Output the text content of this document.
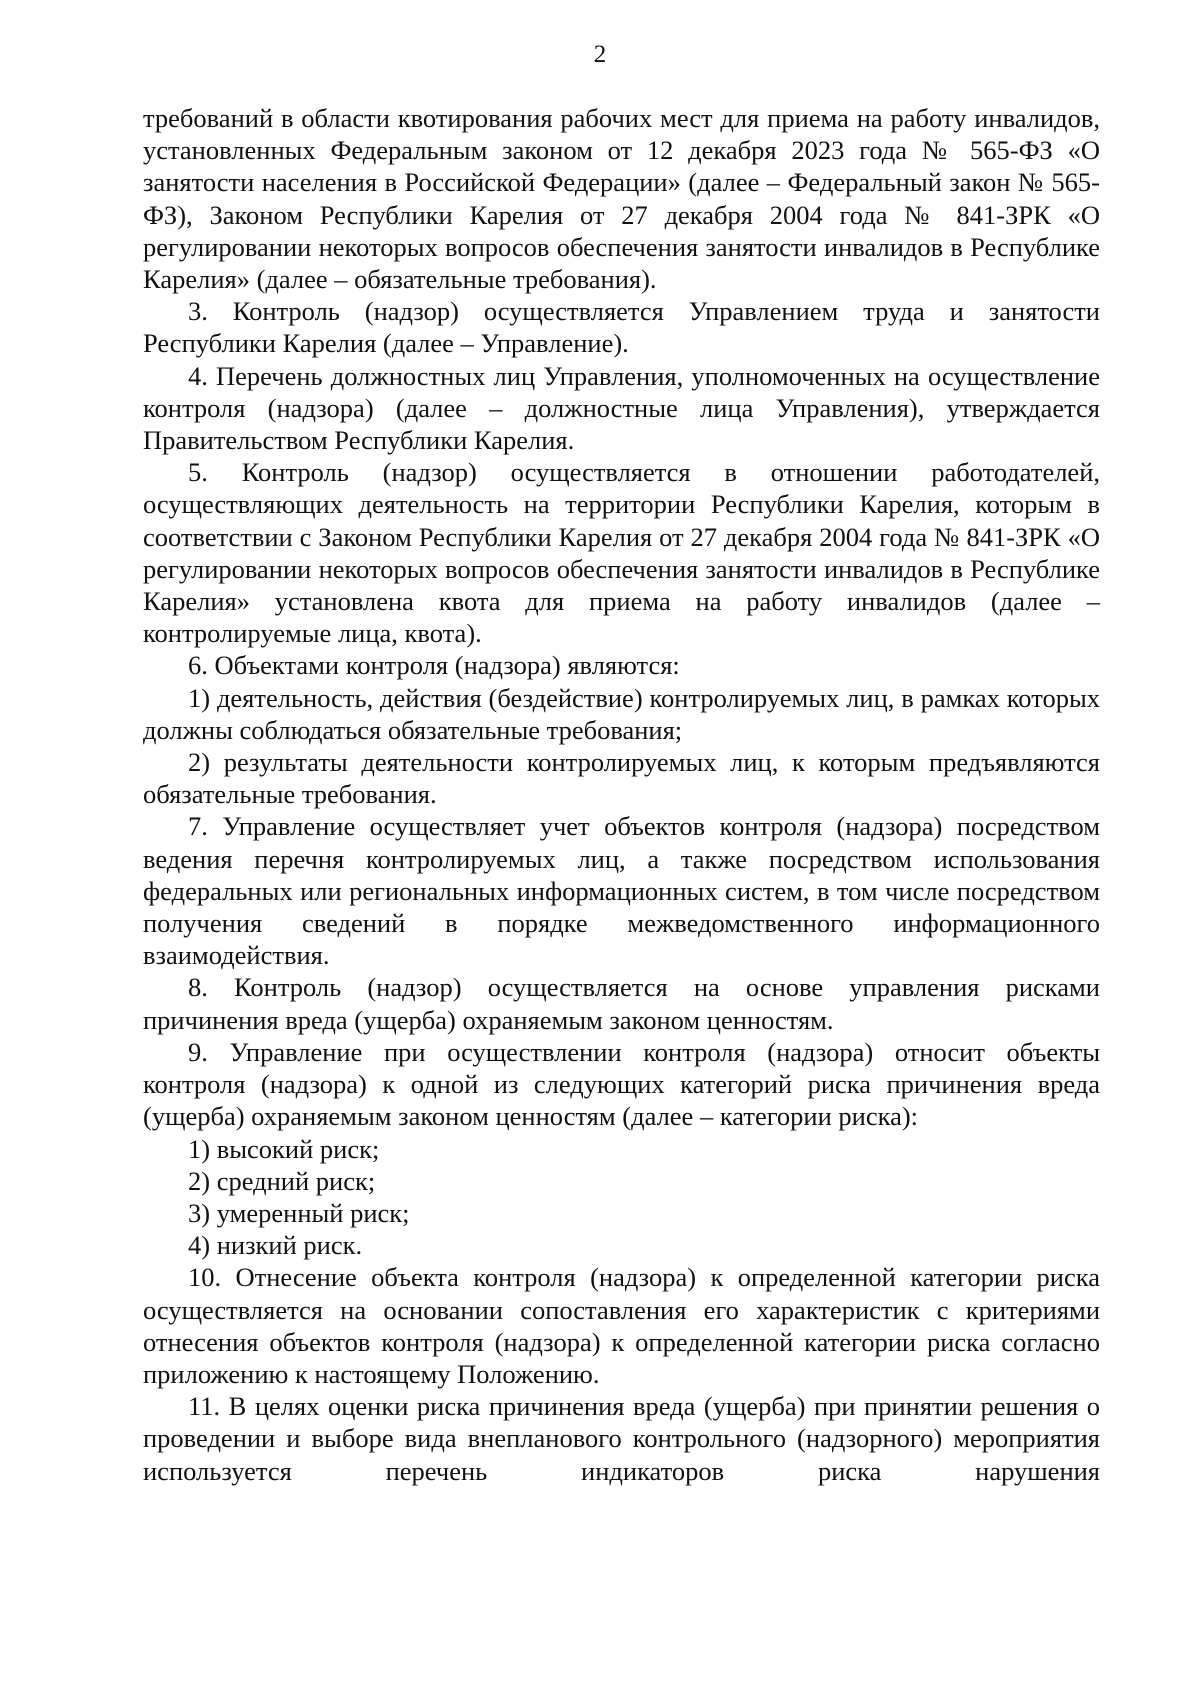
2

требований в области квотирования рабочих мест для приема на работу инвалидов, установленных Федеральным законом от 12 декабря 2023 года № 565-ФЗ «О занятости населения в Российской Федерации» (далее – Федеральный закон № 565-ФЗ), Законом Республики Карелия от 27 декабря 2004 года № 841-ЗРК «О регулировании некоторых вопросов обеспечения занятости инвалидов в Республике Карелия» (далее – обязательные требования).

3. Контроль (надзор) осуществляется Управлением труда и занятости Республики Карелия (далее – Управление).

4. Перечень должностных лиц Управления, уполномоченных на осуществление контроля (надзора) (далее – должностные лица Управления), утверждается Правительством Республики Карелия.

5. Контроль (надзор) осуществляется в отношении работодателей, осуществляющих деятельность на территории Республики Карелия, которым в соответствии с Законом Республики Карелия от 27 декабря 2004 года № 841-ЗРК «О регулировании некоторых вопросов обеспечения занятости инвалидов в Республике Карелия» установлена квота для приема на работу инвалидов (далее – контролируемые лица, квота).

6. Объектами контроля (надзора) являются:

1) деятельность, действия (бездействие) контролируемых лиц, в рамках которых должны соблюдаться обязательные требования;

2) результаты деятельности контролируемых лиц, к которым предъявляются обязательные требования.

7. Управление осуществляет учет объектов контроля (надзора) посредством ведения перечня контролируемых лиц, а также посредством использования федеральных или региональных информационных систем, в том числе посредством получения сведений в порядке межведомственного информационного взаимодействия.

8. Контроль (надзор) осуществляется на основе управления рисками причинения вреда (ущерба) охраняемым законом ценностям.

9. Управление при осуществлении контроля (надзора) относит объекты контроля (надзора) к одной из следующих категорий риска причинения вреда (ущерба) охраняемым законом ценностям (далее – категории риска):

1) высокий риск;

2) средний риск;

3) умеренный риск;

4) низкий риск.

10. Отнесение объекта контроля (надзора) к определенной категории риска осуществляется на основании сопоставления его характеристик с критериями отнесения объектов контроля (надзора) к определенной категории риска согласно приложению к настоящему Положению.

11. В целях оценки риска причинения вреда (ущерба) при принятии решения о проведении и выборе вида внепланового контрольного (надзорного) мероприятия используется перечень индикаторов риска нарушения
